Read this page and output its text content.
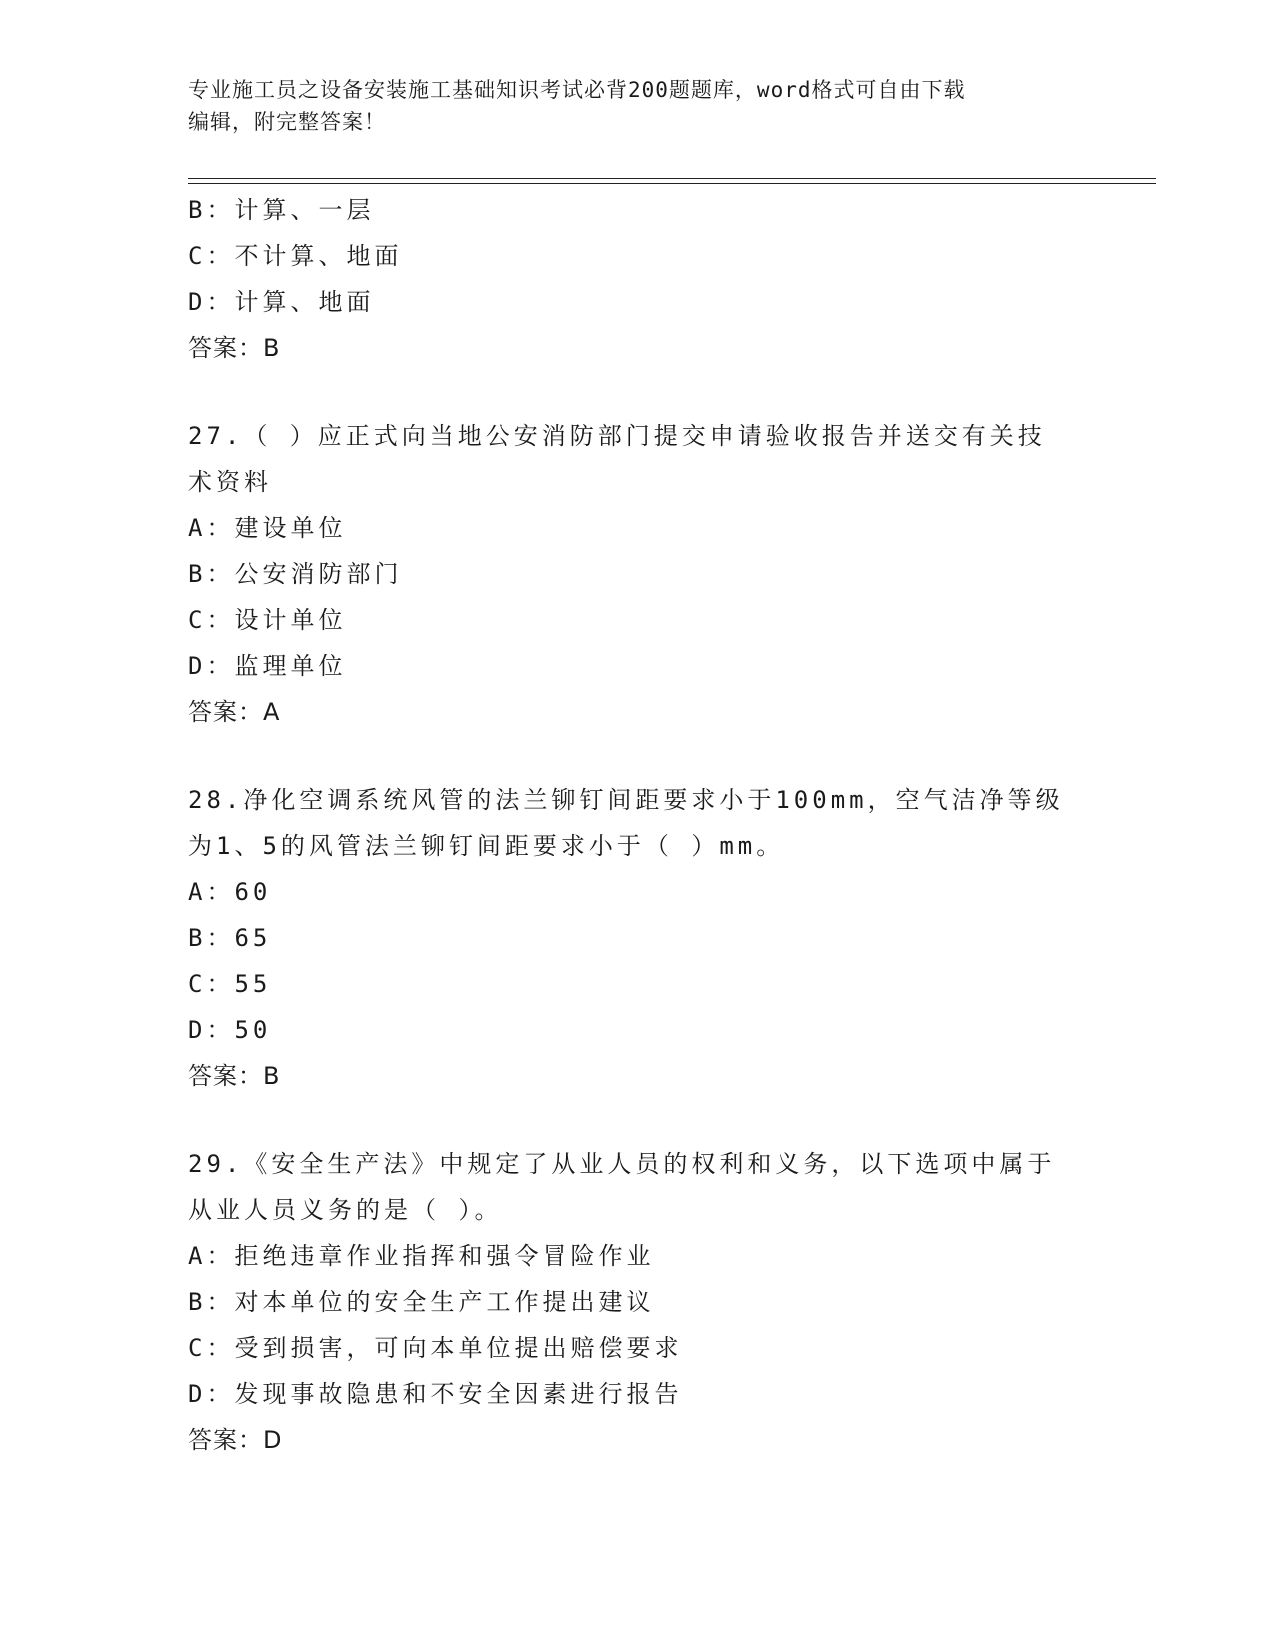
专业施工员之设备安装施工基础知识考试必背200题题库，word格式可自由下载
编辑，附完整答案！
B：计算、一层
C：不计算、地面
D：计算、地面
答案：B
27.（ ）应正式向当地公安消防部门提交申请验收报告并送交有关技
术资料
A：建设单位
B：公安消防部门
C：设计单位
D：监理单位
答案：A
28.净化空调系统风管的法兰铆钉间距要求小于100mm，空气洁净等级
为1、5的风管法兰铆钉间距要求小于（ ）mm。
A：60
B：65
C：55
D：50
答案：B
29.《安全生产法》中规定了从业人员的权利和义务，以下选项中属于
从业人员义务的是（ ）。
A：拒绝违章作业指挥和强令冒险作业
B：对本单位的安全生产工作提出建议
C：受到损害，可向本单位提出赔偿要求
D：发现事故隐患和不安全因素进行报告
答案：D
